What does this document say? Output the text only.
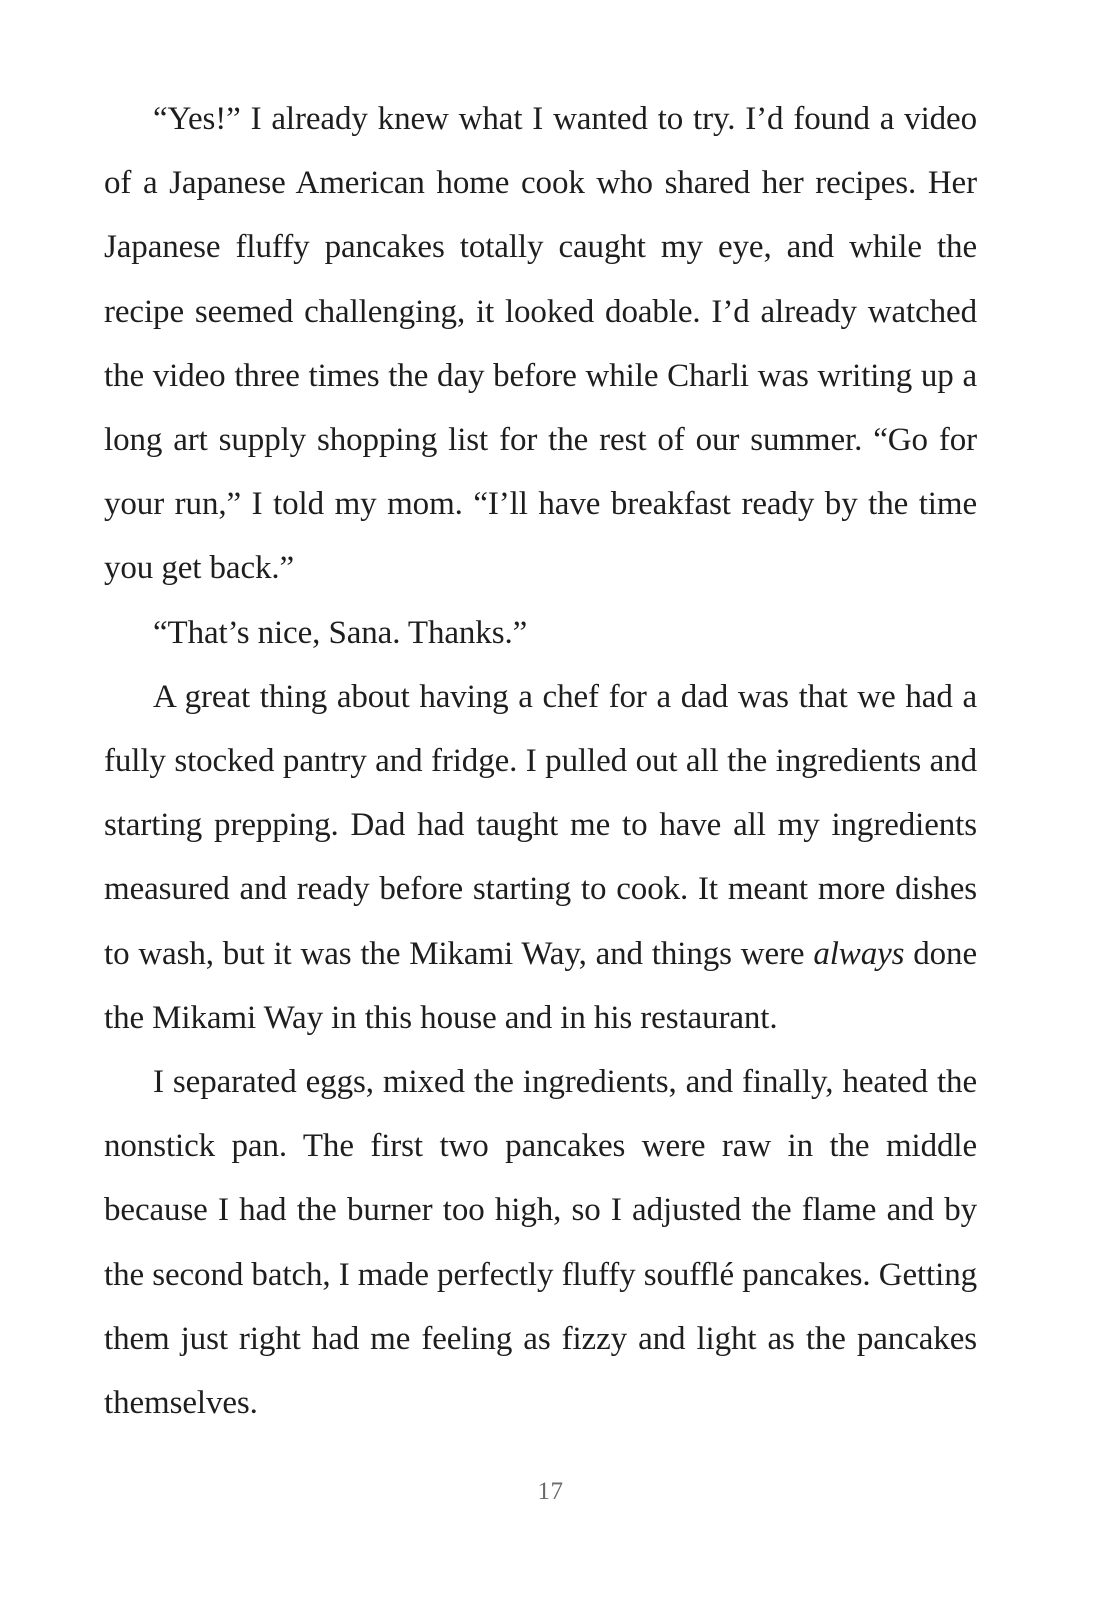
“Yes!” I already knew what I wanted to try. I’d found a video of a Japanese American home cook who shared her recipes. Her Japanese fluffy pancakes totally caught my eye, and while the recipe seemed challenging, it looked doable. I’d already watched the video three times the day before while Charli was writing up a long art supply shopping list for the rest of our summer. “Go for your run,” I told my mom. “I’ll have breakfast ready by the time you get back.”

“That’s nice, Sana. Thanks.”

A great thing about having a chef for a dad was that we had a fully stocked pantry and fridge. I pulled out all the ingredients and starting prepping. Dad had taught me to have all my ingredients measured and ready before starting to cook. It meant more dishes to wash, but it was the Mikami Way, and things were always done the Mikami Way in this house and in his restaurant.

I separated eggs, mixed the ingredients, and finally, heated the nonstick pan. The first two pancakes were raw in the middle because I had the burner too high, so I adjusted the flame and by the second batch, I made perfectly fluffy soufflé pancakes. Getting them just right had me feeling as fizzy and light as the pancakes themselves.

17
